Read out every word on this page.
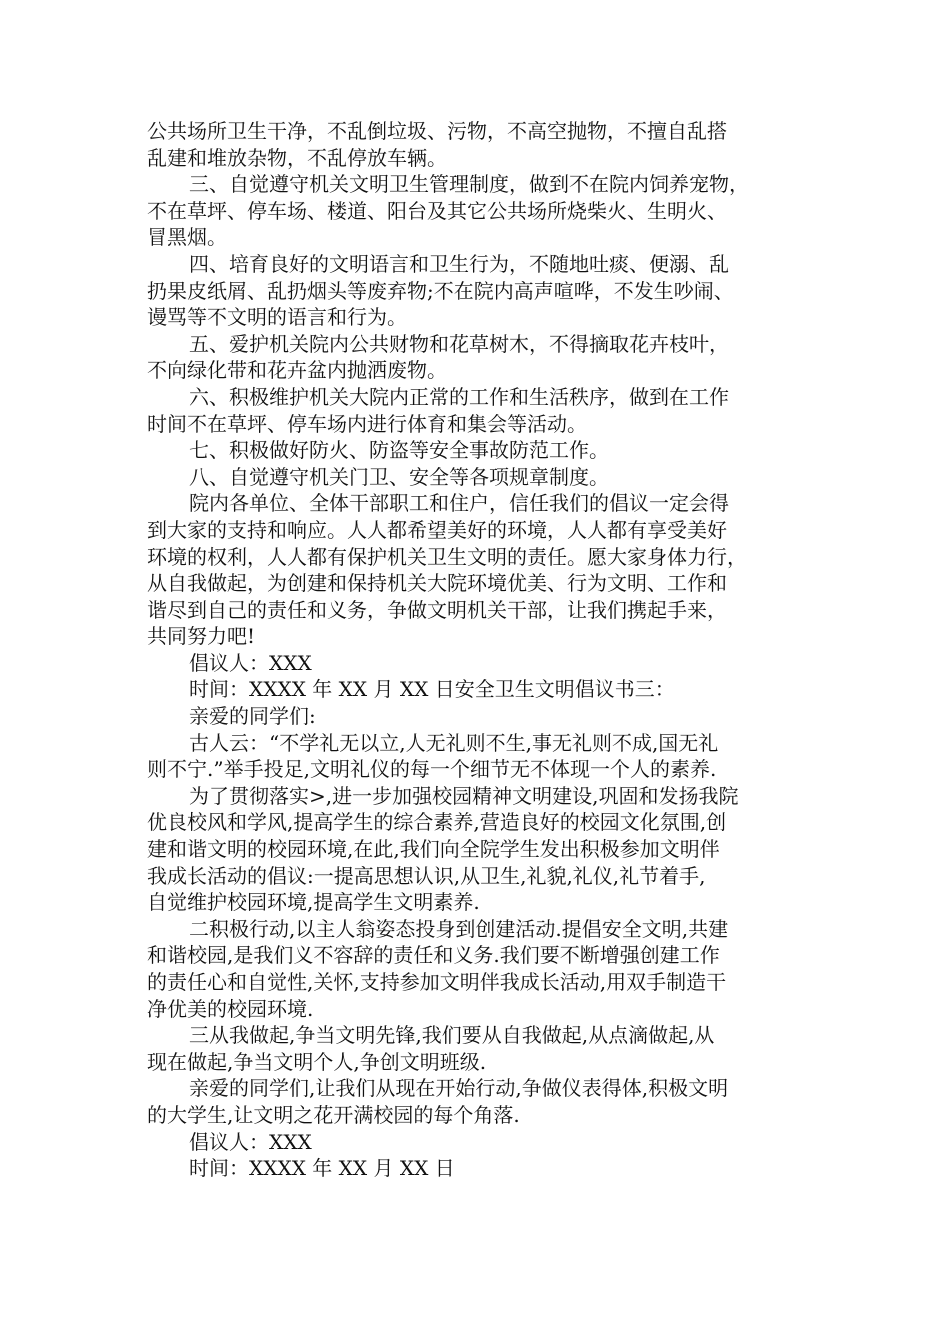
公共场所卫生干净，不乱倒垃圾、污物，不高空抛物，不擅自乱搭
乱建和堆放杂物，不乱停放车辆。
三、自觉遵守机关文明卫生管理制度，做到不在院内饲养宠物，
不在草坪、停车场、楼道、阳台及其它公共场所烧柴火、生明火、
冒黑烟。
四、培育良好的文明语言和卫生行为，不随地吐痰、便溺、乱
扔果皮纸屑、乱扔烟头等废弃物;不在院内高声喧哗，不发生吵闹、
谩骂等不文明的语言和行为。
五、爱护机关院内公共财物和花草树木，不得摘取花卉枝叶，
不向绿化带和花卉盆内抛洒废物。
六、积极维护机关大院内正常的工作和生活秩序，做到在工作
时间不在草坪、停车场内进行体育和集会等活动。
七、积极做好防火、防盗等安全事故防范工作。
八、自觉遵守机关门卫、安全等各项规章制度。
院内各单位、全体干部职工和住户，信任我们的倡议一定会得
到大家的支持和响应。人人都希望美好的环境，人人都有享受美好
环境的权利，人人都有保护机关卫生文明的责任。愿大家身体力行，
从自我做起，为创建和保持机关大院环境优美、行为文明、工作和
谐尽到自己的责任和义务，争做文明机关干部，让我们携起手来，
共同努力吧!
倡议人：XXX
时间：XXXX 年 XX 月 XX 日安全卫生文明倡议书三：
亲爱的同学们:
古人云：“不学礼无以立,人无礼则不生,事无礼则不成,国无礼
则不宁.”举手投足,文明礼仪的每一个细节无不体现一个人的素养.
为了贯彻落实>,进一步加强校园精神文明建设,巩固和发扬我院
优良校风和学风,提高学生的综合素养,营造良好的校园文化氛围,创
建和谐文明的校园环境,在此,我们向全院学生发出积极参加文明伴
我成长活动的倡议:一提高思想认识,从卫生,礼貌,礼仪,礼节着手,
自觉维护校园环境,提高学生文明素养.
二积极行动,以主人翁姿态投身到创建活动.提倡安全文明,共建
和谐校园,是我们义不容辞的责任和义务.我们要不断增强创建工作
的责任心和自觉性,关怀,支持参加文明伴我成长活动,用双手制造干
净优美的校园环境.
三从我做起,争当文明先锋,我们要从自我做起,从点滴做起,从
现在做起,争当文明个人,争创文明班级.
亲爱的同学们,让我们从现在开始行动,争做仪表得体,积极文明
的大学生,让文明之花开满校园的每个角落.
倡议人：XXX
时间：XXXX 年 XX 月 XX 日
